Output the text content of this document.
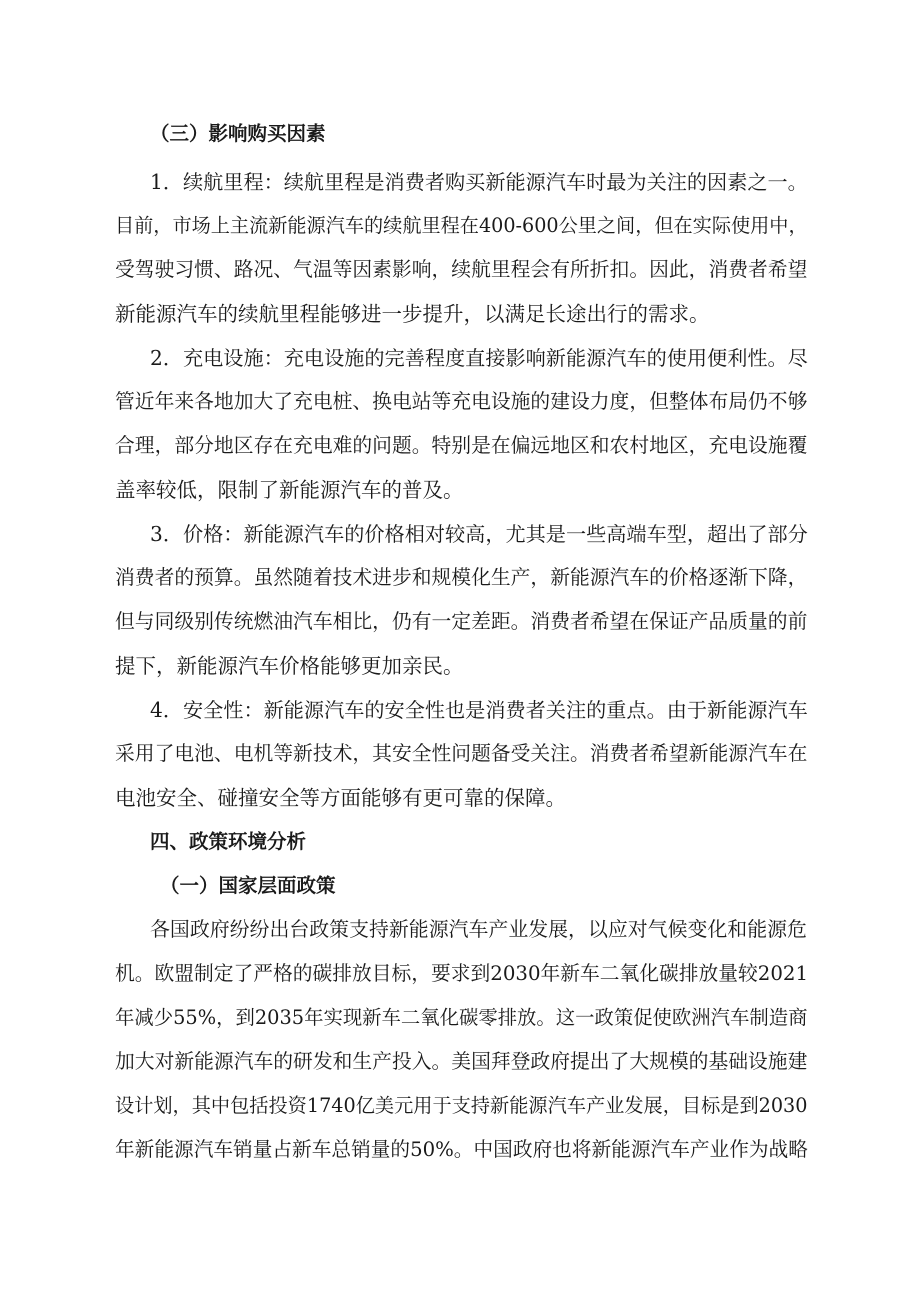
（三）影响购买因素
1．续航里程：续航里程是消费者购买新能源汽车时最为关注的因素之一。
目前，市场上主流新能源汽车的续航里程在400-600公里之间，但在实际使用中，
受驾驶习惯、路况、气温等因素影响，续航里程会有所折扣。因此，消费者希望
新能源汽车的续航里程能够进一步提升，以满足长途出行的需求。
2．充电设施：充电设施的完善程度直接影响新能源汽车的使用便利性。尽
管近年来各地加大了充电桩、换电站等充电设施的建设力度，但整体布局仍不够
合理，部分地区存在充电难的问题。特别是在偏远地区和农村地区，充电设施覆
盖率较低，限制了新能源汽车的普及。
3．价格：新能源汽车的价格相对较高，尤其是一些高端车型，超出了部分
消费者的预算。虽然随着技术进步和规模化生产，新能源汽车的价格逐渐下降，
但与同级别传统燃油汽车相比，仍有一定差距。消费者希望在保证产品质量的前
提下，新能源汽车价格能够更加亲民。
4．安全性：新能源汽车的安全性也是消费者关注的重点。由于新能源汽车
采用了电池、电机等新技术，其安全性问题备受关注。消费者希望新能源汽车在
电池安全、碰撞安全等方面能够有更可靠的保障。
四、政策环境分析
（一）国家层面政策
各国政府纷纷出台政策支持新能源汽车产业发展，以应对气候变化和能源危
机。欧盟制定了严格的碳排放目标，要求到2030年新车二氧化碳排放量较2021
年减少55%，到2035年实现新车二氧化碳零排放。这一政策促使欧洲汽车制造商
加大对新能源汽车的研发和生产投入。美国拜登政府提出了大规模的基础设施建
设计划，其中包括投资1740亿美元用于支持新能源汽车产业发展，目标是到2030
年新能源汽车销量占新车总销量的50%。中国政府也将新能源汽车产业作为战略
